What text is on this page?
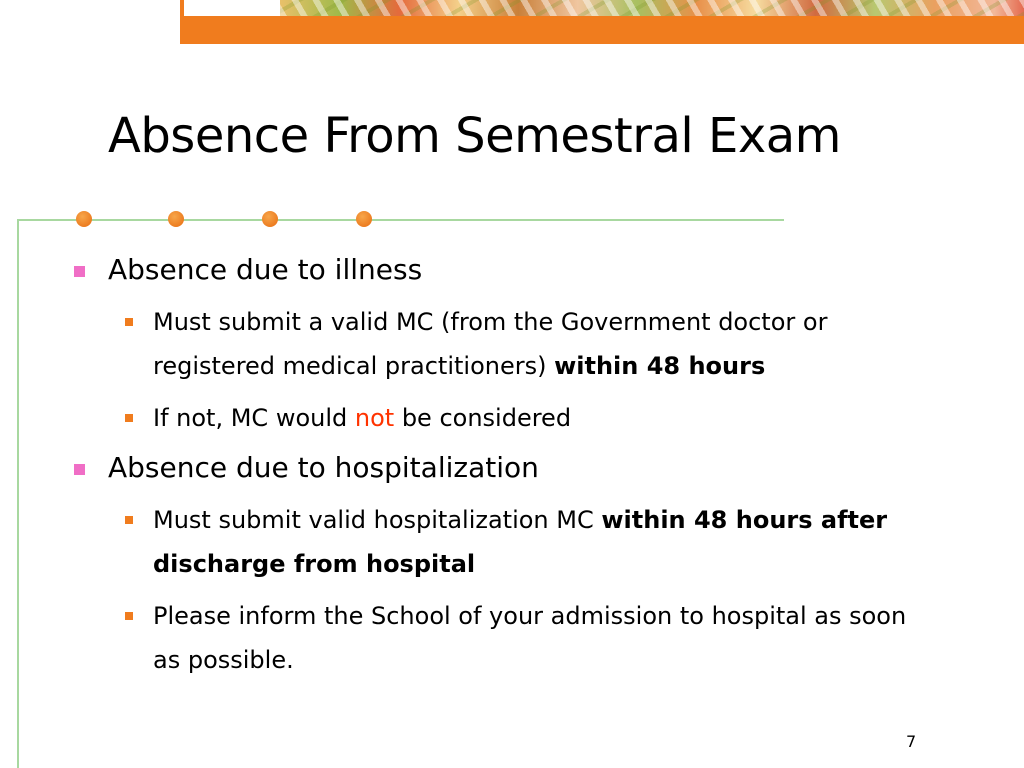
Absence From Semestral Exam
Absence due to illness
Must submit a valid MC (from the Government doctor or registered medical practitioners) within 48 hours
If not, MC would not be considered
Absence due to hospitalization
Must submit valid hospitalization MC within 48 hours after discharge from hospital
Please inform the School of your admission to hospital as soon as possible.
7
